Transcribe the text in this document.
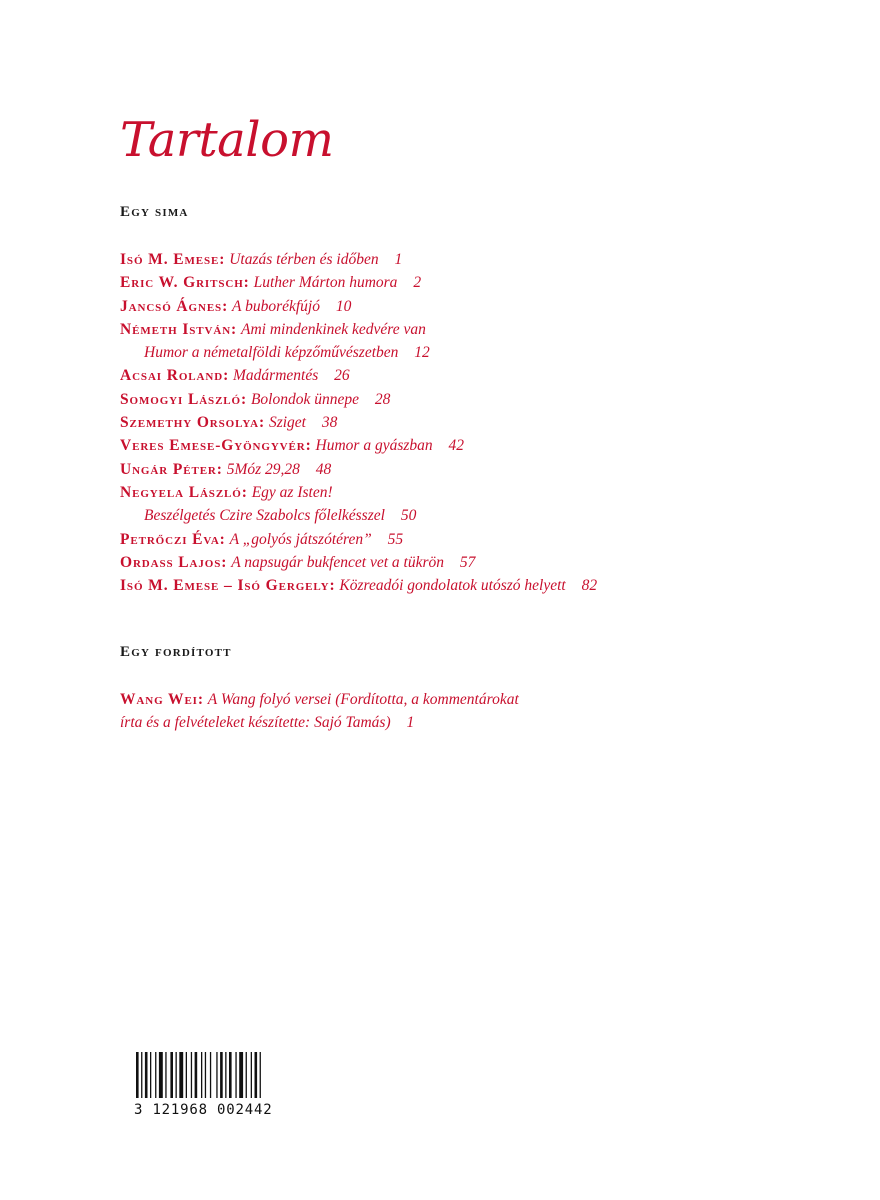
Tartalom
Egy sima
Isó M. Emese: Utazás térben és időben 1
Eric W. Gritsch: Luther Márton humora 2
Jancsó Ágnes: A buborékfújó 10
Németh István: Ami mindenkinek kedvére van
Humor a németalföldi képzőművészetben 12
Acsai Roland: Madármentés 26
Somogyi László: Bolondok ünnepe 28
Szemethy Orsolya: Sziget 38
Veres Emese-Gyöngyvér: Humor a gyászban 42
Ungár Péter: 5Móz 29,28 48
Negyela László: Egy az Isten!
Beszélgetés Czire Szabolcs főlelkésszel 50
Petrőczi Éva: A „golyós játszótéren” 55
Ordass Lajos: A napsugár bukfencet vet a tükrön 57
Isó M. Emese – Isó Gergely: Közreadói gondolatok utószó helyett 82
Egy fordított
Wang Wei: A Wang folyó versei (Fordította, a kommentárokat
írta és a felvételeket készítette: Sajó Tamás) 1
3 121968 002442
